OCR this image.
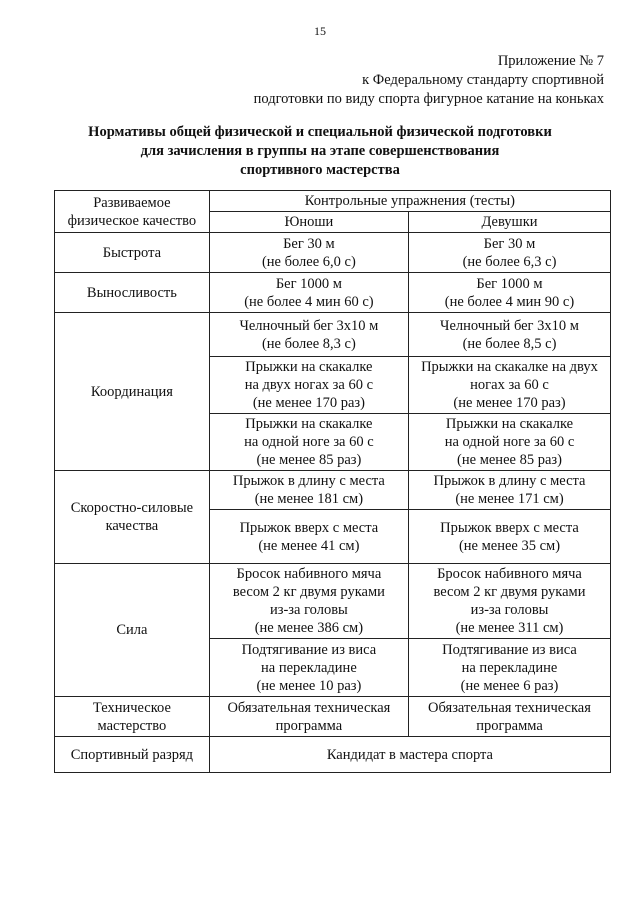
15
Приложение № 7
к Федеральному стандарту спортивной
подготовки по виду спорта фигурное катание на коньках
Нормативы общей физической и специальной физической подготовки
для зачисления в группы на этапе совершенствования
спортивного мастерства
Развиваемое
физическое качество	Контрольные упражнения (тесты)	
	Юноши	Девушки
Быстрота	Бег 30 м
(не более 6,0 с)	Бег 30 м
(не более 6,3 с)

Выносливость	Бег 1000 м
(не более 4 мин 60 с)	Бег 1000 м
(не более 4 мин 90 с)

Координация	Челночный бег 3х10 м
(не более 8,3 с)	Челночный бег 3х10 м
(не более 8,5 с)

	Прыжки на скакалке
на двух ногах за 60 с
(не менее 170 раз)	Прыжки на скакалке на двух
ногах за 60 с
(не менее 170 раз)

	Прыжки на скакалке
на одной ноге за 60 с
(не менее 85 раз)	Прыжки на скакалке
на одной ноге за 60 с
(не менее 85 раз)

Скоростно-силовые
качества	Прыжок в длину с места
(не менее 181 см)	Прыжок в длину с места
(не менее 171 см)

	Прыжок вверх с места
(не менее 41 см)	Прыжок вверх с места
(не менее 35 см)

Сила	Бросок набивного мяча
весом 2 кг двумя руками
из-за головы
(не менее 386 см)	Бросок набивного мяча
весом 2 кг двумя руками
из-за головы
(не менее 311 см)

	Подтягивание из виса
на перекладине
(не менее 10 раз)	Подтягивание из виса
на перекладине
(не менее 6 раз)

Техническое
мастерство	Обязательная техническая
программа	Обязательная техническая
программа

Спортивный разряд	Кандидат в мастера спорта	
